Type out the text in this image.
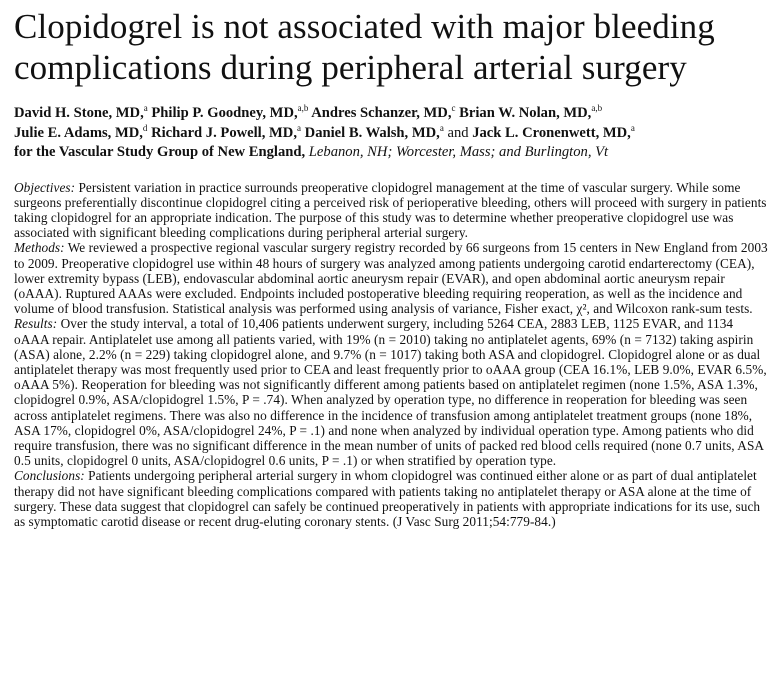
Clopidogrel is not associated with major bleeding
complications during peripheral arterial surgery
David H. Stone, MD,$^a$ Philip P. Goodney, MD,$^{a,b}$ Andres Schanzer, MD,$^c$ Brian W. Nolan, MD,$^{a,b}$
Julie E. Adams, MD,$^d$ Richard J. Powell, MD,$^a$ Daniel B. Walsh, MD,$^a$ and Jack L. Cronenwett, MD,$^a$
for the Vascular Study Group of New England, Lebanon, NH; Worcester, Mass; and Burlington, Vt

Objectives: Persistent variation in practice surrounds preoperative clopidogrel management at the time of vascular surgery. While some surgeons preferentially discontinue clopidogrel citing a perceived risk of perioperative bleeding, others will proceed with surgery in patients taking clopidogrel for an appropriate indication. The purpose of this study was to determine whether preoperative clopidogrel use was associated with significant bleeding complications during peripheral arterial surgery.

Methods: We reviewed a prospective regional vascular surgery registry recorded by 66 surgeons from 15 centers in New England from 2003 to 2009. Preoperative clopidogrel use within 48 hours of surgery was analyzed among patients undergoing carotid endarterectomy (CEA), lower extremity bypass (LEB), endovascular abdominal aortic aneurysm repair (EVAR), and open abdominal aortic aneurysm repair (oAAA). Ruptured AAAs were excluded. Endpoints included postoperative bleeding requiring reoperation, as well as the incidence and volume of blood transfusion. Statistical analysis was performed using analysis of variance, Fisher exact, χ², and Wilcoxon rank-sum tests.

Results: Over the study interval, a total of 10,406 patients underwent surgery, including 5264 CEA, 2883 LEB, 1125 EVAR, and 1134 oAAA repair. Antiplatelet use among all patients varied, with 19% (n = 2010) taking no antiplatelet agents, 69% (n = 7132) taking aspirin (ASA) alone, 2.2% (n = 229) taking clopidogrel alone, and 9.7% (n = 1017) taking both ASA and clopidogrel. Clopidogrel alone or as dual antiplatelet therapy was most frequently used prior to CEA and least frequently prior to oAAA group (CEA 16.1%, LEB 9.0%, EVAR 6.5%, oAAA 5%). Reoperation for bleeding was not significantly different among patients based on antiplatelet regimen (none 1.5%, ASA 1.3%, clopidogrel 0.9%, ASA/clopidogrel 1.5%, P = .74). When analyzed by operation type, no difference in reoperation for bleeding was seen across antiplatelet regimens. There was also no difference in the incidence of transfusion among antiplatelet treatment groups (none 18%, ASA 17%, clopidogrel 0%, ASA/clopidogrel 24%, P = .1) and none when analyzed by individual operation type. Among patients who did require transfusion, there was no significant difference in the mean number of units of packed red blood cells required (none 0.7 units, ASA 0.5 units, clopidogrel 0 units, ASA/clopidogrel 0.6 units, P = .1) or when stratified by operation type.

Conclusions: Patients undergoing peripheral arterial surgery in whom clopidogrel was continued either alone or as part of dual antiplatelet therapy did not have significant bleeding complications compared with patients taking no antiplatelet therapy or ASA alone at the time of surgery. These data suggest that clopidogrel can safely be continued preoperatively in patients with appropriate indications for its use, such as symptomatic carotid disease or recent drug-eluting coronary stents. (J Vasc Surg 2011;54:779-84.)
